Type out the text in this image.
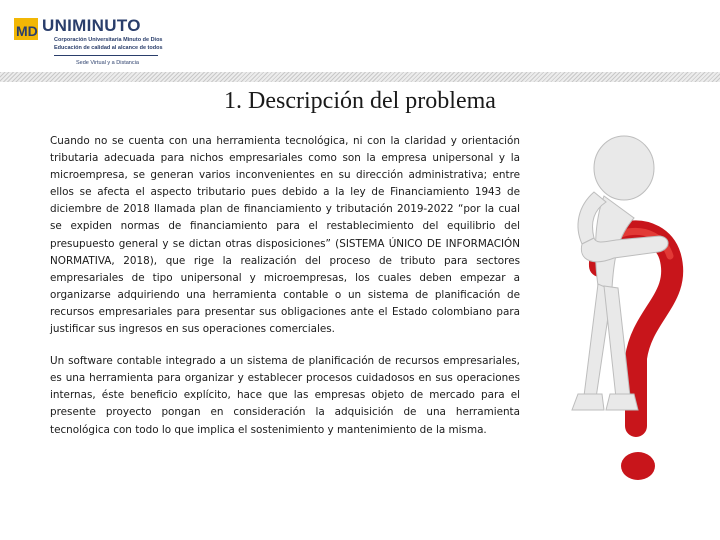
MD UNIMINUTO
Corporación Universitaria Minuto de Dios
Educación de calidad al alcance de todos
Sede Virtual y a Distancia
1. Descripción del problema

Cuando no se cuenta con una herramienta tecnológica, ni con la claridad y orientación tributaria adecuada para nichos empresariales como son la empresa unipersonal y la microempresa, se generan varios inconvenientes en su dirección administrativa; entre ellos se afecta el aspecto tributario pues debido a la ley de Financiamiento 1943 de diciembre de 2018 llamada plan de financiamiento y tributación 2019-2022 “por la cual se expiden normas de financiamiento para el restablecimiento del equilibrio del presupuesto general y se dictan otras disposiciones” (SISTEMA ÚNICO DE INFORMACIÓN NORMATIVA, 2018), que rige la realización del proceso de tributo para sectores empresariales de tipo unipersonal y microempresas, los cuales deben empezar a organizarse adquiriendo una herramienta contable o un sistema de planificación de recursos empresariales para presentar sus obligaciones ante el Estado colombiano para justificar sus ingresos en sus operaciones comerciales.

Un software contable integrado a un sistema de planificación de recursos empresariales, es una herramienta para organizar y establecer procesos cuidadosos en sus operaciones internas, éste beneficio explícito, hace que las empresas objeto de mercado para el presente proyecto pongan en consideración la adquisición de una herramienta tecnológica con todo lo que implica el sostenimiento y mantenimiento de la misma.
